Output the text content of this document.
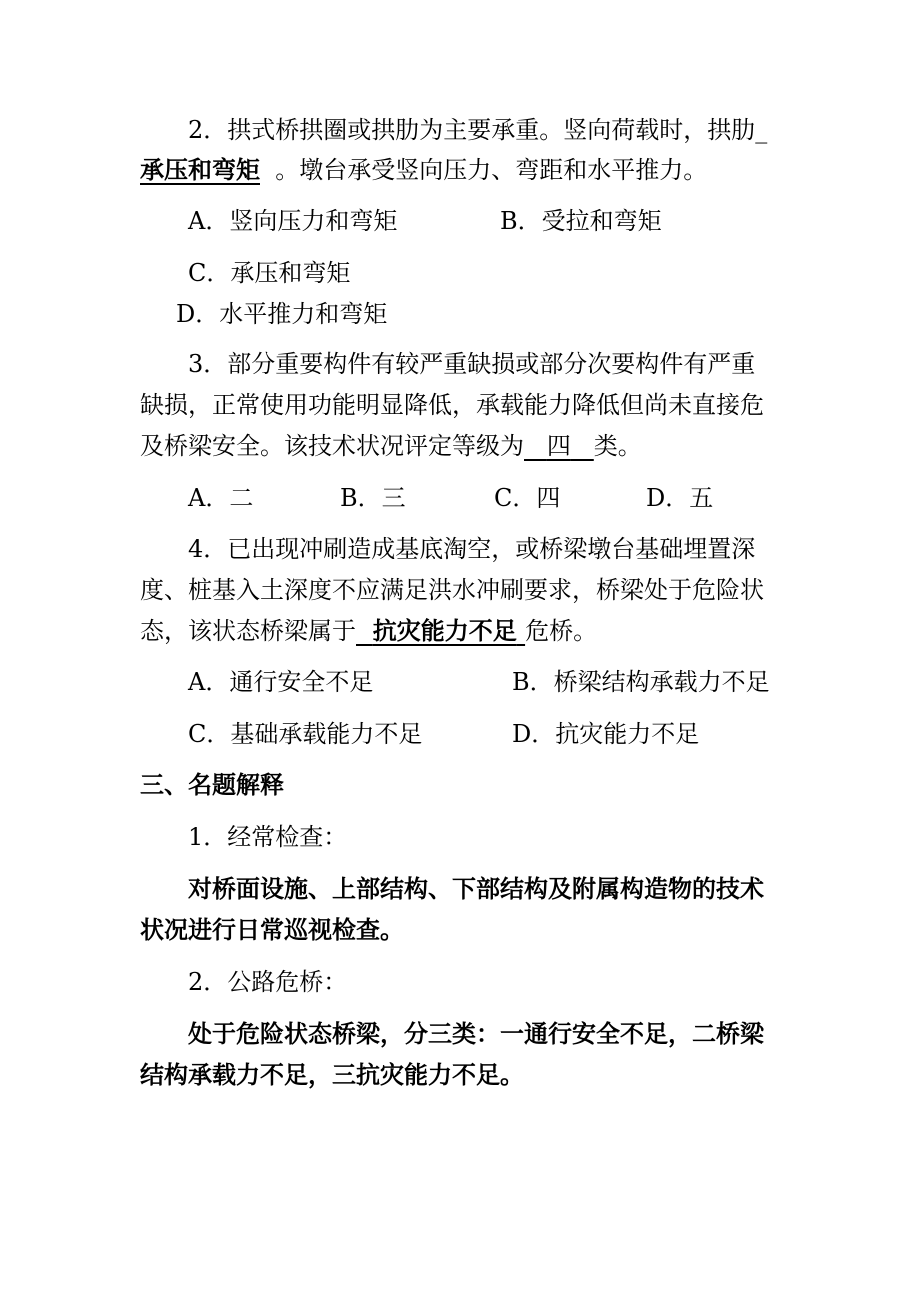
2．拱式桥拱圈或拱肋为主要承重。竖向荷载时，拱肋_
承压和弯矩 。墩台承受竖向压力、弯距和水平推力。
A．竖向压力和弯矩	B．受拉和弯矩
C．承压和弯矩
D．水平推力和弯矩
3．部分重要构件有较严重缺损或部分次要构件有严重
缺损，正常使用功能明显降低，承载能力降低但尚未直接危
及桥梁安全。该技术状况评定等级为 四 类。
A．二	B．三	C．四	D．五
4．已出现冲刷造成基底淘空，或桥梁墩台基础埋置深
度、桩基入土深度不应满足洪水冲刷要求，桥梁处于危险状
态，该状态桥梁属于 抗灾能力不足 危桥。
A．通行安全不足	B．桥梁结构承载力不足
C．基础承载能力不足	D．抗灾能力不足
三、名题解释
1．经常检查：
对桥面设施、上部结构、下部结构及附属构造物的技术
状况进行日常巡视检查。
2．公路危桥：
处于危险状态桥梁，分三类：一通行安全不足，二桥梁
结构承载力不足，三抗灾能力不足。
